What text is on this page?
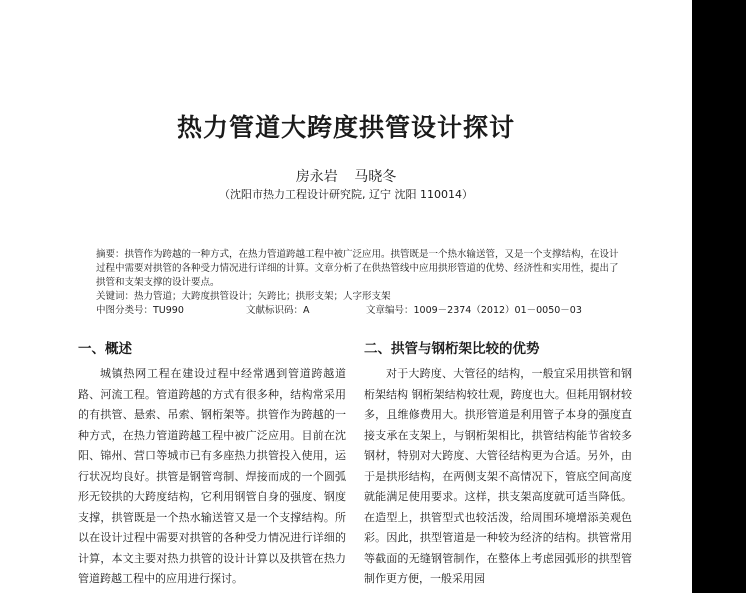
热力管道大跨度拱管设计探讨
房永岩 马晓冬
（沈阳市热力工程设计研究院, 辽宁 沈阳 110014）

摘要：拱管作为跨越的一种方式，在热力管道跨越工程中被广泛应用。拱管既是一个热水输送管，又是一个支撑结构，在设计过程中需要对拱管的各种受力情况进行详细的计算。文章分析了在供热管线中应用拱形管道的优势、经济性和实用性，提出了拱管和支架支撑的设计要点。

关键词：热力管道；大跨度拱管设计；矢跨比；拱形支架；人字形支架

中图分类号：TU990	文献标识码：A	文章编号：1009－2374（2012）01－0050－03
一、概述

城镇热网工程在建设过程中经常遇到管道跨越道路、河流工程。管道跨越的方式有很多种，结构常采用的有拱管、悬索、吊索、钢桁架等。拱管作为跨越的一种方式，在热力管道跨越工程中被广泛应用。目前在沈阳、锦州、营口等城市已有多座热力拱管投入使用，运行状况均良好。拱管是钢管弯制、焊接而成的一个圆弧形无铰拱的大跨度结构，它利用钢管自身的强度、钢度支撑，拱管既是一个热水输送管又是一个支撑结构。所以在设计过程中需要对拱管的各种受力情况进行详细的计算，本文主要对热力拱管的设计计算以及拱管在热力管道跨越工程中的应用进行探讨。

二、拱管与钢桁架比较的优势

对于大跨度、大管径的结构，一般宜采用拱管和钢桁架结构 钢桁架结构较壮观，跨度也大。但耗用钢材较多，且维修费用大。拱形管道是利用管子本身的强度直接支承在支架上，与钢桁架相比，拱管结构能节省较多钢材，特别对大跨度、大管径结构更为合适。另外，由于是拱形结构，在两侧支架不高情况下，管底空间高度就能满足使用要求。这样，拱支架高度就可适当降低。在造型上，拱管型式也较活泼，给周围环境增添美观色彩。因此，拱型管道是一种较为经济的结构。拱管常用等截面的无缝钢管制作，在整体上考虑园弧形的拱型管制作更方便，一般采用园
